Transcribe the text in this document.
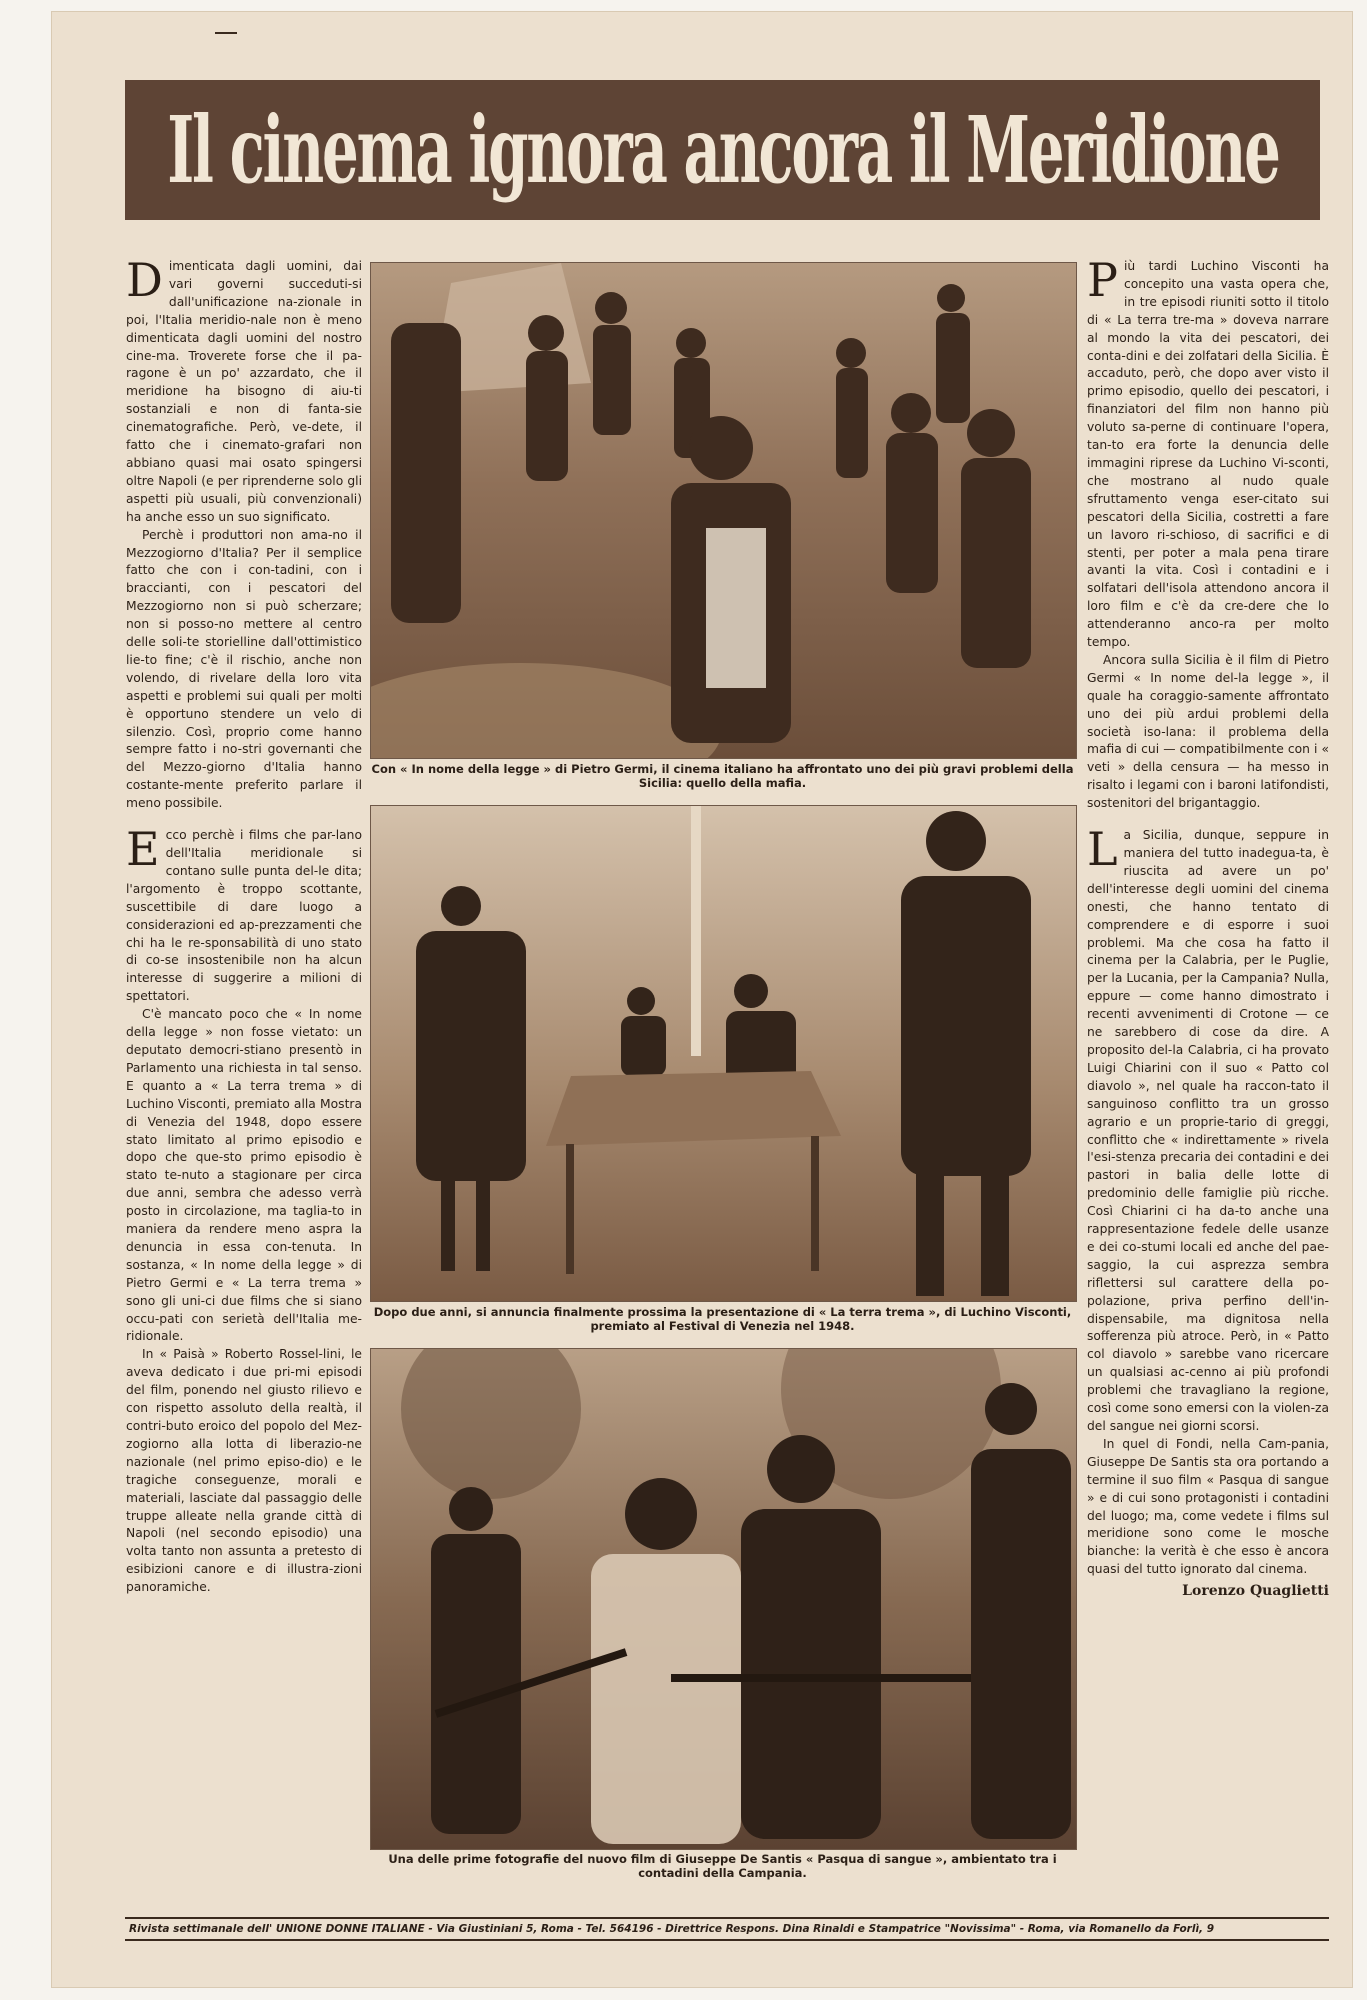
Il cinema ignora ancora il Meridione

Dimenticata dagli uomini, dai vari governi succeduti-si dall'unificazione na-zionale in poi, l'Italia meridio-nale non è meno dimenticata dagli uomini del nostro cine-ma. Troverete forse che il pa-ragone è un po' azzardato, che il meridione ha bisogno di aiu-ti sostanziali e non di fanta-sie cinematografiche. Però, ve-dete, il fatto che i cinemato-grafari non abbiano quasi mai osato spingersi oltre Napoli (e per riprenderne solo gli aspetti più usuali, più convenzionali) ha anche esso un suo significato.

Perchè i produttori non ama-no il Mezzogiorno d'Italia? Per il semplice fatto che con i con-tadini, con i braccianti, con i pescatori del Mezzogiorno non si può scherzare; non si posso-no mettere al centro delle soli-te storielline dall'ottimistico lie-to fine; c'è il rischio, anche non volendo, di rivelare della loro vita aspetti e problemi sui quali per molti è opportuno stendere un velo di silenzio. Così, proprio come hanno sempre fatto i no-stri governanti che del Mezzo-giorno d'Italia hanno costante-mente preferito parlare il meno possibile.

Ecco perchè i films che par-lano dell'Italia meridionale si contano sulle punta del-le dita; l'argomento è troppo scottante, suscettibile di dare luogo a considerazioni ed ap-prezzamenti che chi ha le re-sponsabilità di uno stato di co-se insostenibile non ha alcun interesse di suggerire a milioni di spettatori.

C'è mancato poco che « In nome della legge » non fosse vietato: un deputato democri-stiano presentò in Parlamento una richiesta in tal senso. E quanto a « La terra trema » di Luchino Visconti, premiato alla Mostra di Venezia del 1948, dopo essere stato limitato al primo episodio e dopo che que-sto primo episodio è stato te-nuto a stagionare per circa due anni, sembra che adesso verrà posto in circolazione, ma taglia-to in maniera da rendere meno aspra la denuncia in essa con-tenuta. In sostanza, « In nome della legge » di Pietro Germi e « La terra trema » sono gli uni-ci due films che si siano occu-pati con serietà dell'Italia me-ridionale.

In « Paisà » Roberto Rossel-lini, le aveva dedicato i due pri-mi episodi del film, ponendo nel giusto rilievo e con rispetto assoluto della realtà, il contri-buto eroico del popolo del Mez-zogiorno alla lotta di liberazio-ne nazionale (nel primo episo-dio) e le tragiche conseguenze, morali e materiali, lasciate dal passaggio delle truppe alleate nella grande città di Napoli (nel secondo episodio) una volta tanto non assunta a pretesto di esibizioni canore e di illustra-zioni panoramiche.

Con « In nome della legge » di Pietro Germi, il cinema italiano ha affrontato uno dei più gravi problemi della Sicilia: quello della mafia.
Dopo due anni, si annuncia finalmente prossima la presentazione di « La terra trema », di Luchino Visconti, premiato al Festival di Venezia nel 1948.
Una delle prime fotografie del nuovo film di Giuseppe De Santis « Pasqua di sangue », ambientato tra i contadini della Campania.

Più tardi Luchino Visconti ha concepito una vasta opera che, in tre episodi riuniti sotto il titolo di « La terra tre-ma » doveva narrare al mondo la vita dei pescatori, dei conta-dini e dei zolfatari della Sicilia. È accaduto, però, che dopo aver visto il primo episodio, quello dei pescatori, i finanziatori del film non hanno più voluto sa-perne di continuare l'opera, tan-to era forte la denuncia delle immagini riprese da Luchino Vi-sconti, che mostrano al nudo quale sfruttamento venga eser-citato sui pescatori della Sicilia, costretti a fare un lavoro ri-schioso, di sacrifici e di stenti, per poter a mala pena tirare avanti la vita. Così i contadini e i solfatari dell'isola attendono ancora il loro film e c'è da cre-dere che lo attenderanno anco-ra per molto tempo.

Ancora sulla Sicilia è il film di Pietro Germi « In nome del-la legge », il quale ha coraggio-samente affrontato uno dei più ardui problemi della società iso-lana: il problema della mafia di cui — compatibilmente con i « veti » della censura — ha messo in risalto i legami con i baroni latifondisti, sostenitori del brigantaggio.

La Sicilia, dunque, seppure in maniera del tutto inadegua-ta, è riuscita ad avere un po' dell'interesse degli uomini del cinema onesti, che hanno tentato di comprendere e di esporre i suoi problemi. Ma che cosa ha fatto il cinema per la Calabria, per le Puglie, per la Lucania, per la Campania? Nulla, eppure — come hanno dimostrato i recenti avvenimenti di Crotone — ce ne sarebbero di cose da dire. A proposito del-la Calabria, ci ha provato Luigi Chiarini con il suo « Patto col diavolo », nel quale ha raccon-tato il sanguinoso conflitto tra un grosso agrario e un proprie-tario di greggi, conflitto che « indirettamente » rivela l'esi-stenza precaria dei contadini e dei pastori in balia delle lotte di predominio delle famiglie più ricche. Così Chiarini ci ha da-to anche una rappresentazione fedele delle usanze e dei co-stumi locali ed anche del pae-saggio, la cui asprezza sembra riflettersi sul carattere della po-polazione, priva perfino dell'in-dispensabile, ma dignitosa nella sofferenza più atroce. Però, in « Patto col diavolo » sarebbe vano ricercare un qualsiasi ac-cenno ai più profondi problemi che travagliano la regione, così come sono emersi con la violen-za del sangue nei giorni scorsi.

In quel di Fondi, nella Cam-pania, Giuseppe De Santis sta ora portando a termine il suo film « Pasqua di sangue » e di cui sono protagonisti i contadini del luogo; ma, come vedete i films sul meridione sono come le mosche bianche: la verità è che esso è ancora quasi del tutto ignorato dal cinema.

Lorenzo Quaglietti
Rivista settimanale dell' UNIONE DONNE ITALIANE - Via Giustiniani 5, Roma - Tel. 564196 - Direttrice Respons. Dina Rinaldi e Stampatrice "Novissima" - Roma, via Romanello da Forlì, 9
